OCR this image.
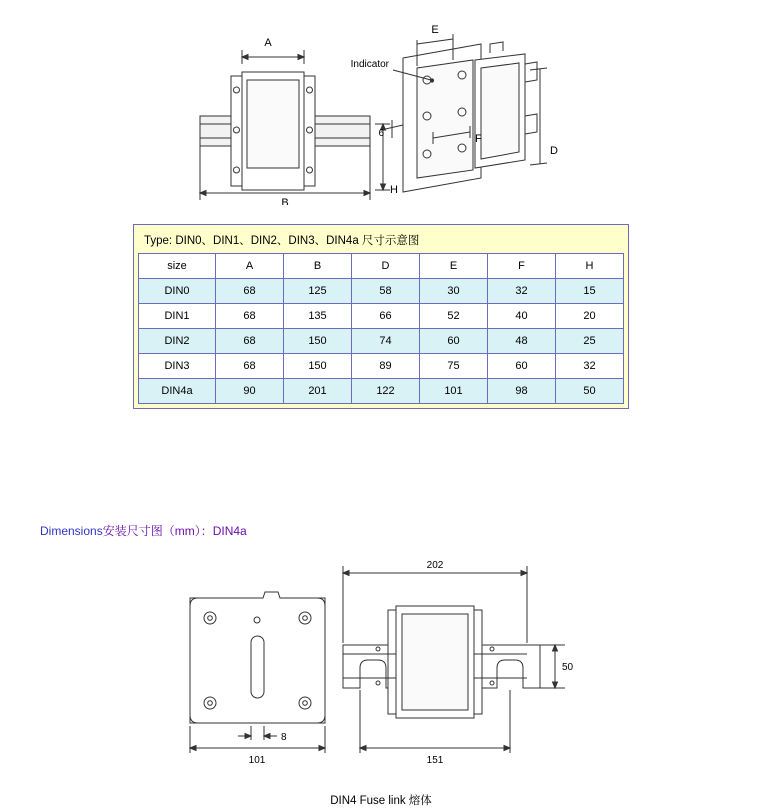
A
B
H
Indicator
6
E
F
D
Type: DIN0、DIN1、DIN2、DIN3、DIN4a 尺寸示意图
size	A	B	D	E	F	H
DIN0	68	125	58	30	32	15
DIN1	68	135	66	52	40	20
DIN2	68	150	74	60	48	25
DIN3	68	150	89	75	60	32
DIN4a	90	201	122	101	98	50
Dimensions安装尺寸图（mm）：DIN4a
202
50
8
101	151
DIN4 Fuse link 熔体
